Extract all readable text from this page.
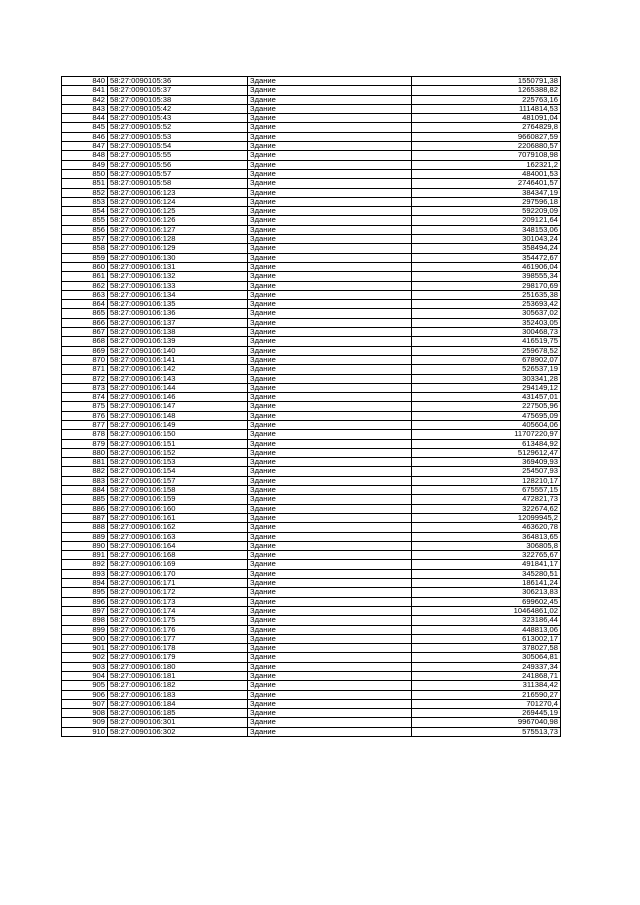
840	58:27:0090105:36	Здание	1550791,38
841	58:27:0090105:37	Здание	1265388,82
842	58:27:0090105:38	Здание	225763,16
843	58:27:0090105:42	Здание	1114814,53
844	58:27:0090105:43	Здание	481091,04
845	58:27:0090105:52	Здание	2764829,8
846	58:27:0090105:53	Здание	9660827,59
847	58:27:0090105:54	Здание	2206880,57
848	58:27:0090105:55	Здание	7079108,98
849	58:27:0090105:56	Здание	162321,2
850	58:27:0090105:57	Здание	484001,53
851	58:27:0090105:58	Здание	2746401,57
852	58:27:0090106:123	Здание	384347,19
853	58:27:0090106:124	Здание	297596,18
854	58:27:0090106:125	Здание	592209,09
855	58:27:0090106:126	Здание	209121,64
856	58:27:0090106:127	Здание	348153,06
857	58:27:0090106:128	Здание	301043,24
858	58:27:0090106:129	Здание	358494,24
859	58:27:0090106:130	Здание	354472,67
860	58:27:0090106:131	Здание	461906,04
861	58:27:0090106:132	Здание	398555,34
862	58:27:0090106:133	Здание	298170,69
863	58:27:0090106:134	Здание	251635,38
864	58:27:0090106:135	Здание	253693,42
865	58:27:0090106:136	Здание	305637,02
866	58:27:0090106:137	Здание	352403,05
867	58:27:0090106:138	Здание	300468,73
868	58:27:0090106:139	Здание	416519,75
869	58:27:0090106:140	Здание	259678,52
870	58:27:0090106:141	Здание	678902,07
871	58:27:0090106:142	Здание	526537,19
872	58:27:0090106:143	Здание	303341,28
873	58:27:0090106:144	Здание	294149,12
874	58:27:0090106:146	Здание	431457,01
875	58:27:0090106:147	Здание	227505,96
876	58:27:0090106:148	Здание	475695,09
877	58:27:0090106:149	Здание	405604,06
878	58:27:0090106:150	Здание	11707220,97
879	58:27:0090106:151	Здание	613484,92
880	58:27:0090106:152	Здание	5129612,47
881	58:27:0090106:153	Здание	369409,93
882	58:27:0090106:154	Здание	254507,93
883	58:27:0090106:157	Здание	128210,17
884	58:27:0090106:158	Здание	675557,15
885	58:27:0090106:159	Здание	472821,73
886	58:27:0090106:160	Здание	322674,62
887	58:27:0090106:161	Здание	12099945,2
888	58:27:0090106:162	Здание	463620,78
889	58:27:0090106:163	Здание	364813,65
890	58:27:0090106:164	Здание	306805,8
891	58:27:0090106:168	Здание	322765,67
892	58:27:0090106:169	Здание	491841,17
893	58:27:0090106:170	Здание	345280,51
894	58:27:0090106:171	Здание	186141,24
895	58:27:0090106:172	Здание	306213,83
896	58:27:0090106:173	Здание	699602,45
897	58:27:0090106:174	Здание	10464861,02
898	58:27:0090106:175	Здание	323186,44
899	58:27:0090106:176	Здание	448813,06
900	58:27:0090106:177	Здание	613002,17
901	58:27:0090106:178	Здание	378027,58
902	58:27:0090106:179	Здание	305064,81
903	58:27:0090106:180	Здание	249337,34
904	58:27:0090106:181	Здание	241868,71
905	58:27:0090106:182	Здание	311384,42
906	58:27:0090106:183	Здание	216590,27
907	58:27:0090106:184	Здание	701270,4
908	58:27:0090106:185	Здание	269445,19
909	58:27:0090106:301	Здание	9967040,98
910	58:27:0090106:302	Здание	575513,73
